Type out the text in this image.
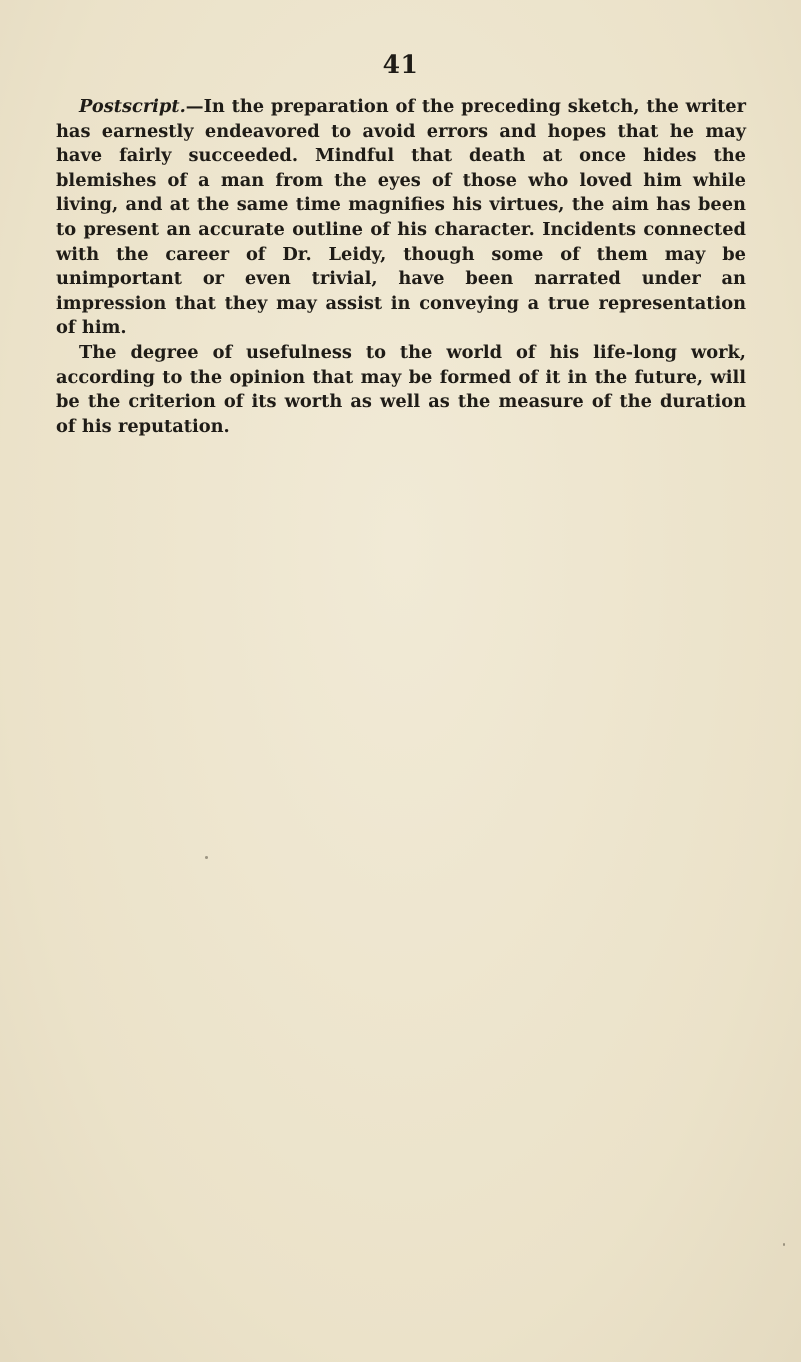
41

Postscript.—In the preparation of the preceding sketch, the writer has earnestly endeavored to avoid errors and hopes that he may have fairly succeeded. Mindful that death at once hides the blemishes of a man from the eyes of those who loved him while living, and at the same time magnifies his virtues, the aim has been to present an accurate outline of his character. Incidents connected with the career of Dr. Leidy, though some of them may be unimportant or even trivial, have been narrated under an impression that they may assist in conveying a true representation of him.

The degree of usefulness to the world of his life-long work, according to the opinion that may be formed of it in the future, will be the criterion of its worth as well as the measure of the duration of his reputation.
